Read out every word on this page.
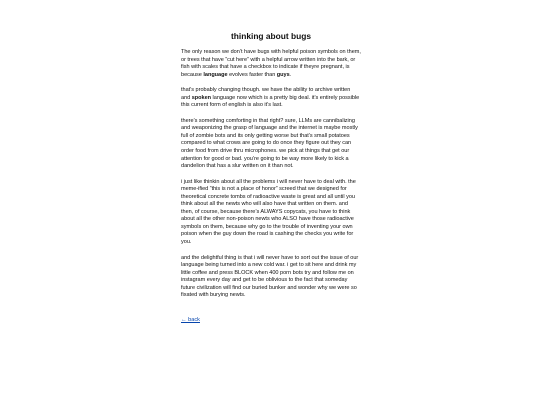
thinking about bugs

The only reason we don’t have bugs with helpful poison symbols on them, or trees that have “cut here” with a helpful arrow written into the bark, or fish with scales that have a checkbox to indicate if theyre pregnant, is because language evolves faster than guys.

that’s probably changing though. we have the ability to archive written and spoken language now which is a pretty big deal. it’s entirely possible this current form of english is also it’s last.

there’s something comforting in that right? sure, LLMs are cannibalizing and weaponizing the grasp of language and the internet is maybe mostly full of zombie bots and its only getting worse but that’s small potatoes compared to what crows are going to do once they figure out they can order food from drive thru microphones. we pick at things that get our attention for good or bad. you’re going to be way more likely to kick a dandelion that has a slur written on it than not.

i just like thinkin about all the problems i will never have to deal with. the meme-ified “this is not a place of honor” screed that we designed for theoretical concrete tombs of radioactive waste is great and all until you think about all the newts who will also have that written on them. and then, of course, because there’s ALWAYS copycats, you have to think about all the other non-poison newts who ALSO have those radioactive symbols on them, because why go to the trouble of inventing your own poison when the guy down the road is cashing the checks you write for you.

and the delightful thing is that i will never have to sort out the issue of our language being turned into a new cold war. i get to sit here and drink my little coffee and press BLOCK when 400 porn bots try and follow me on instagram every day and get to be oblivious to the fact that someday future civilization will find our buried bunker and wonder why we were so fixated with burying newts.

← back
